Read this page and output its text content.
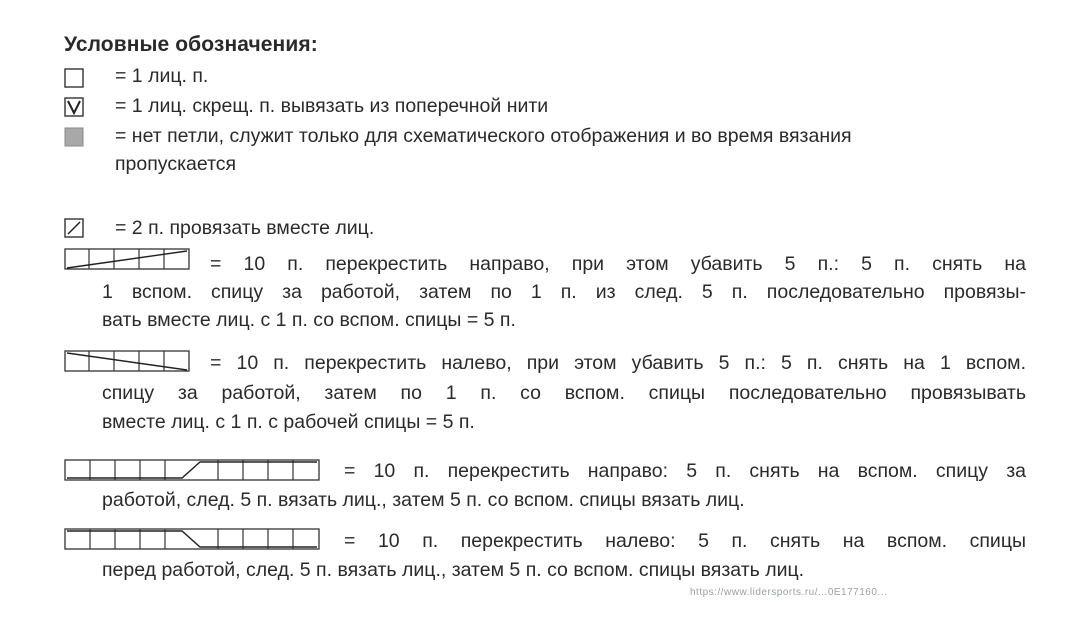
Условные обозначения:
= 1 лиц. п.
= 1 лиц. скрещ. п. вывязать из поперечной нити
= нет петли, служит только для схематического отображения и во время вязания
пропускается
= 2 п. провязать вместе лиц.
= 10 п. перекрестить направо, при этом убавить 5 п.: 5 п. снять на
1 вспом. спицу за работой, затем по 1 п. из след. 5 п. последовательно провязы-
вать вместе лиц. с 1 п. со вспом. спицы = 5 п.
= 10 п. перекрестить налево, при этом убавить 5 п.: 5 п. снять на 1 вспом.
спицу за работой, затем по 1 п. со вспом. спицы последовательно провязывать
вместе лиц. с 1 п. с рабочей спицы = 5 п.
= 10 п. перекрестить направо: 5 п. снять на вспом. спицу за
работой, след. 5 п. вязать лиц., затем 5 п. со вспом. спицы вязать лиц.
= 10 п. перекрестить налево: 5 п. снять на вспом. спицы
перед работой, след. 5 п. вязать лиц., затем 5 п. со вспом. спицы вязать лиц.
https://www.lidersports.ru/...0E177160...
